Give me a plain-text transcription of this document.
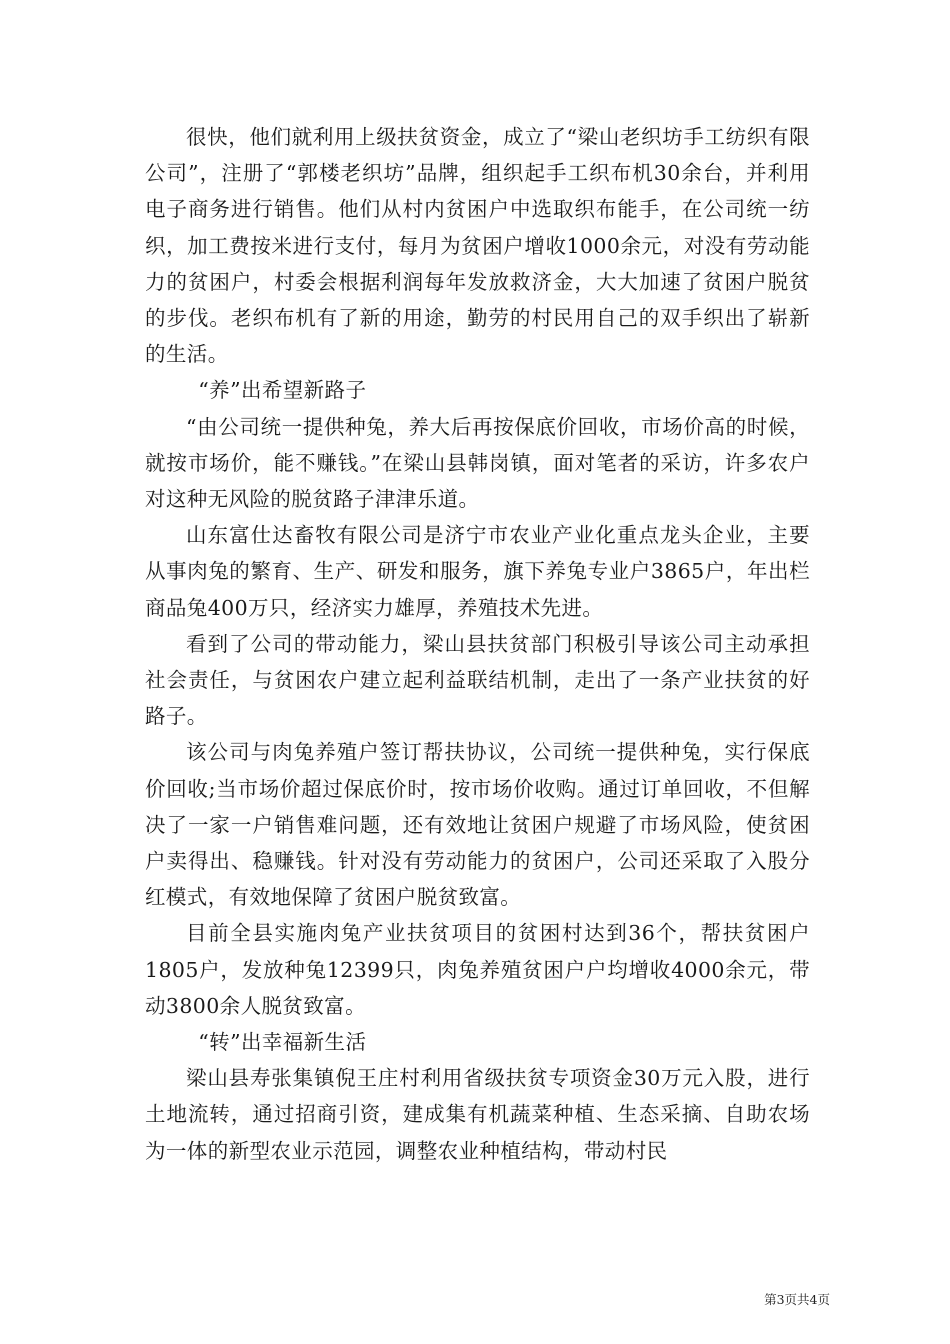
很快，他们就利用上级扶贫资金，成立了“梁山老织坊手工纺织有限公司”，注册了“郭楼老织坊”品牌，组织起手工织布机30余台，并利用电子商务进行销售。他们从村内贫困户中选取织布能手，在公司统一纺织，加工费按米进行支付，每月为贫困户增收1000余元，对没有劳动能力的贫困户，村委会根据利润每年发放救济金，大大加速了贫困户脱贫的步伐。老织布机有了新的用途，勤劳的村民用自己的双手织出了崭新的生活。

“养”出希望新路子

“由公司统一提供种兔，养大后再按保底价回收，市场价高的时候，就按市场价，能不赚钱。”在梁山县韩岗镇，面对笔者的采访，许多农户对这种无风险的脱贫路子津津乐道。

山东富仕达畜牧有限公司是济宁市农业产业化重点龙头企业，主要从事肉兔的繁育、生产、研发和服务，旗下养兔专业户3865户，年出栏商品兔400万只，经济实力雄厚，养殖技术先进。

看到了公司的带动能力，梁山县扶贫部门积极引导该公司主动承担社会责任，与贫困农户建立起利益联结机制，走出了一条产业扶贫的好路子。

该公司与肉兔养殖户签订帮扶协议，公司统一提供种兔，实行保底价回收;当市场价超过保底价时，按市场价收购。通过订单回收，不但解决了一家一户销售难问题，还有效地让贫困户规避了市场风险，使贫困户卖得出、稳赚钱。针对没有劳动能力的贫困户，公司还采取了入股分红模式，有效地保障了贫困户脱贫致富。

目前全县实施肉兔产业扶贫项目的贫困村达到36个，帮扶贫困户1805户，发放种兔12399只，肉兔养殖贫困户户均增收4000余元，带动3800余人脱贫致富。

“转”出幸福新生活

梁山县寿张集镇倪王庄村利用省级扶贫专项资金30万元入股，进行土地流转，通过招商引资，建成集有机蔬菜种植、生态采摘、自助农场为一体的新型农业示范园，调整农业种植结构，带动村民

第3页共4页
